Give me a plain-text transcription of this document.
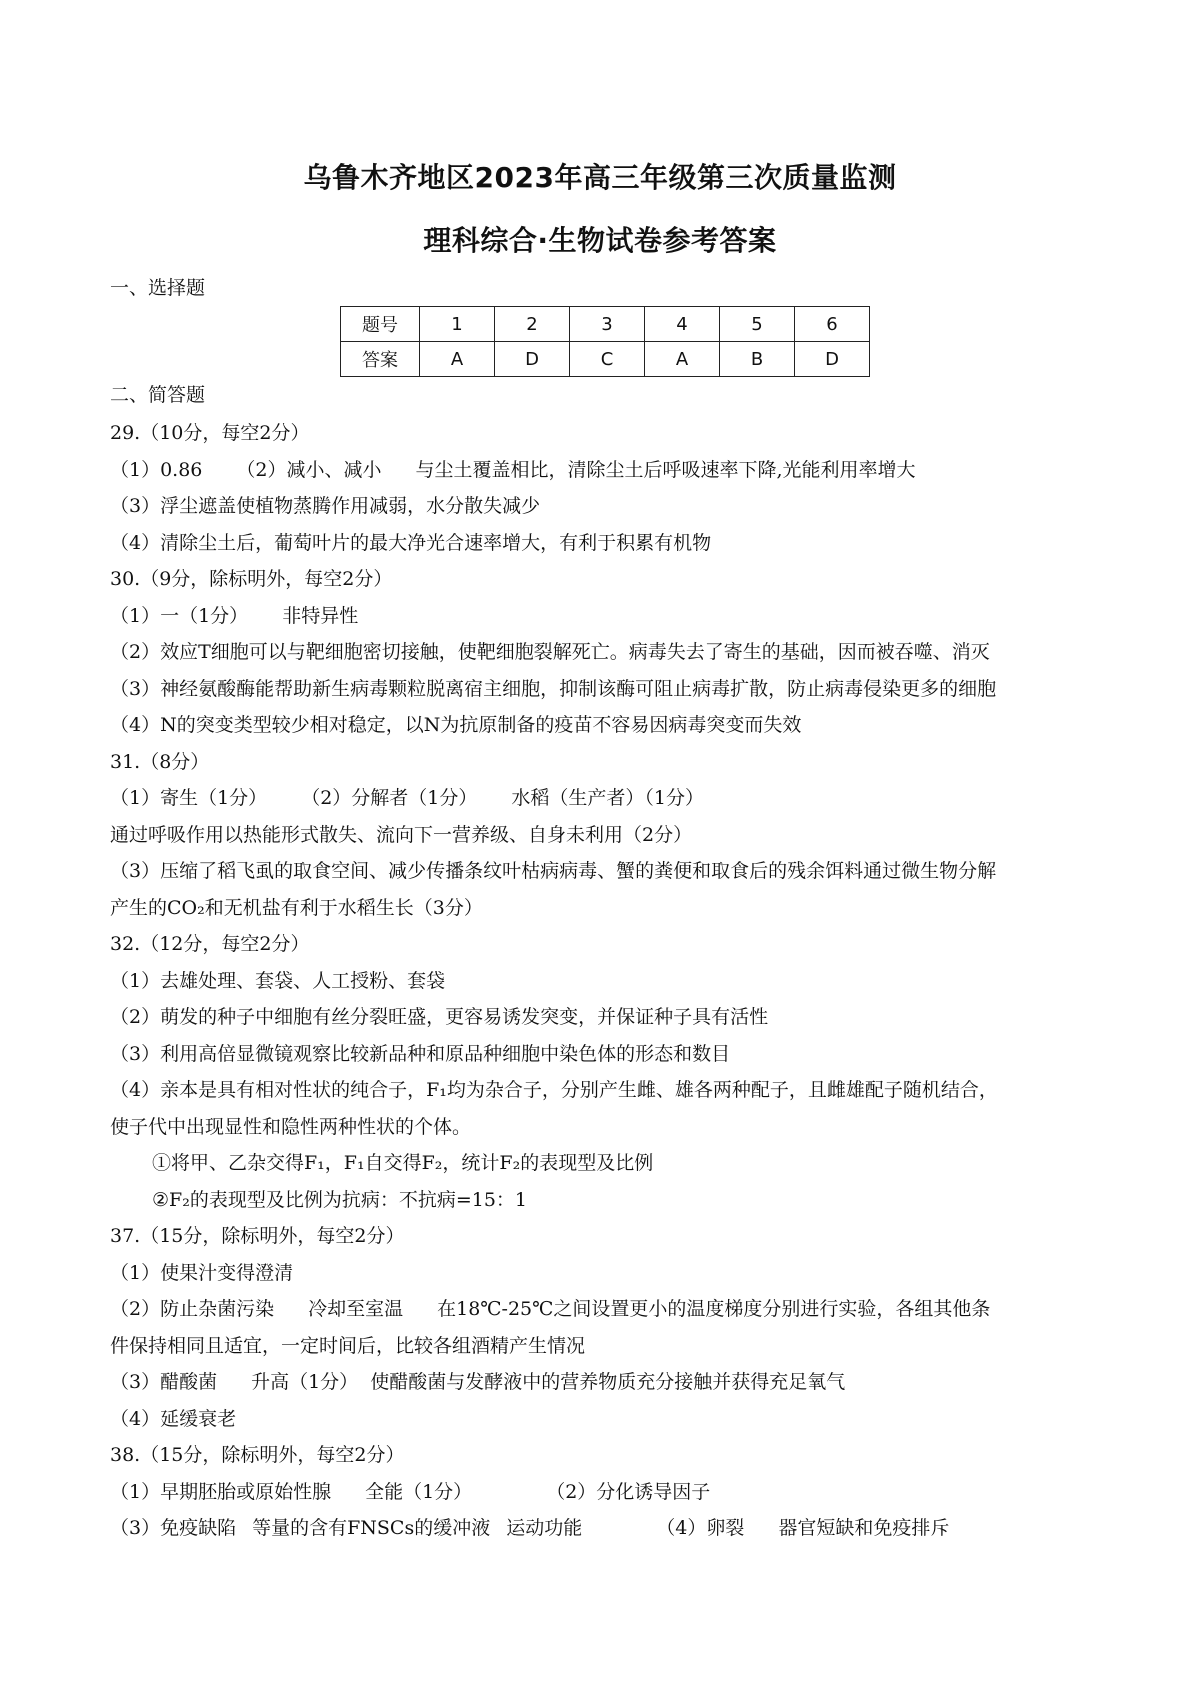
乌鲁木齐地区2023年高三年级第三次质量监测
理科综合·生物试卷参考答案
一、选择题
题号	1	2	3	4	5	6
答案	A	D	C	A	B	D
二、简答题
29.（10分，每空2分）
（1）0.86 （2）减小、减小 与尘土覆盖相比，清除尘土后呼吸速率下降,光能利用率增大
（3）浮尘遮盖使植物蒸腾作用减弱，水分散失减少
（4）清除尘土后，葡萄叶片的最大净光合速率增大，有利于积累有机物
30.（9分，除标明外，每空2分）
（1）一（1分） 非特异性
（2）效应T细胞可以与靶细胞密切接触，使靶细胞裂解死亡。病毒失去了寄生的基础，因而被吞噬、消灭
（3）神经氨酸酶能帮助新生病毒颗粒脱离宿主细胞，抑制该酶可阻止病毒扩散，防止病毒侵染更多的细胞
（4）N的突变类型较少相对稳定，以N为抗原制备的疫苗不容易因病毒突变而失效
31.（8分）
（1）寄生（1分） （2）分解者（1分） 水稻（生产者）（1分）
通过呼吸作用以热能形式散失、流向下一营养级、自身未利用（2分）
（3）压缩了稻飞虱的取食空间、减少传播条纹叶枯病病毒、蟹的粪便和取食后的残余饵料通过微生物分解
产生的CO₂和无机盐有利于水稻生长（3分）
32.（12分，每空2分）
（1）去雄处理、套袋、人工授粉、套袋
（2）萌发的种子中细胞有丝分裂旺盛，更容易诱发突变，并保证种子具有活性
（3）利用高倍显微镜观察比较新品种和原品种细胞中染色体的形态和数目
（4）亲本是具有相对性状的纯合子，F₁均为杂合子，分别产生雌、雄各两种配子，且雌雄配子随机结合，
使子代中出现显性和隐性两种性状的个体。
①将甲、乙杂交得F₁，F₁自交得F₂，统计F₂的表现型及比例
②F₂的表现型及比例为抗病：不抗病=15：1
37.（15分，除标明外，每空2分）
（1）使果汁变得澄清
（2）防止杂菌污染 冷却至室温 在18℃-25℃之间设置更小的温度梯度分别进行实验，各组其他条
件保持相同且适宜，一定时间后，比较各组酒精产生情况
（3）醋酸菌 升高（1分） 使醋酸菌与发酵液中的营养物质充分接触并获得充足氧气
（4）延缓衰老
38.（15分，除标明外，每空2分）
（1）早期胚胎或原始性腺 全能（1分）	（2）分化诱导因子
（3）免疫缺陷 等量的含有FNSCs的缓冲液 运动功能	（4）卵裂 器官短缺和免疫排斥
